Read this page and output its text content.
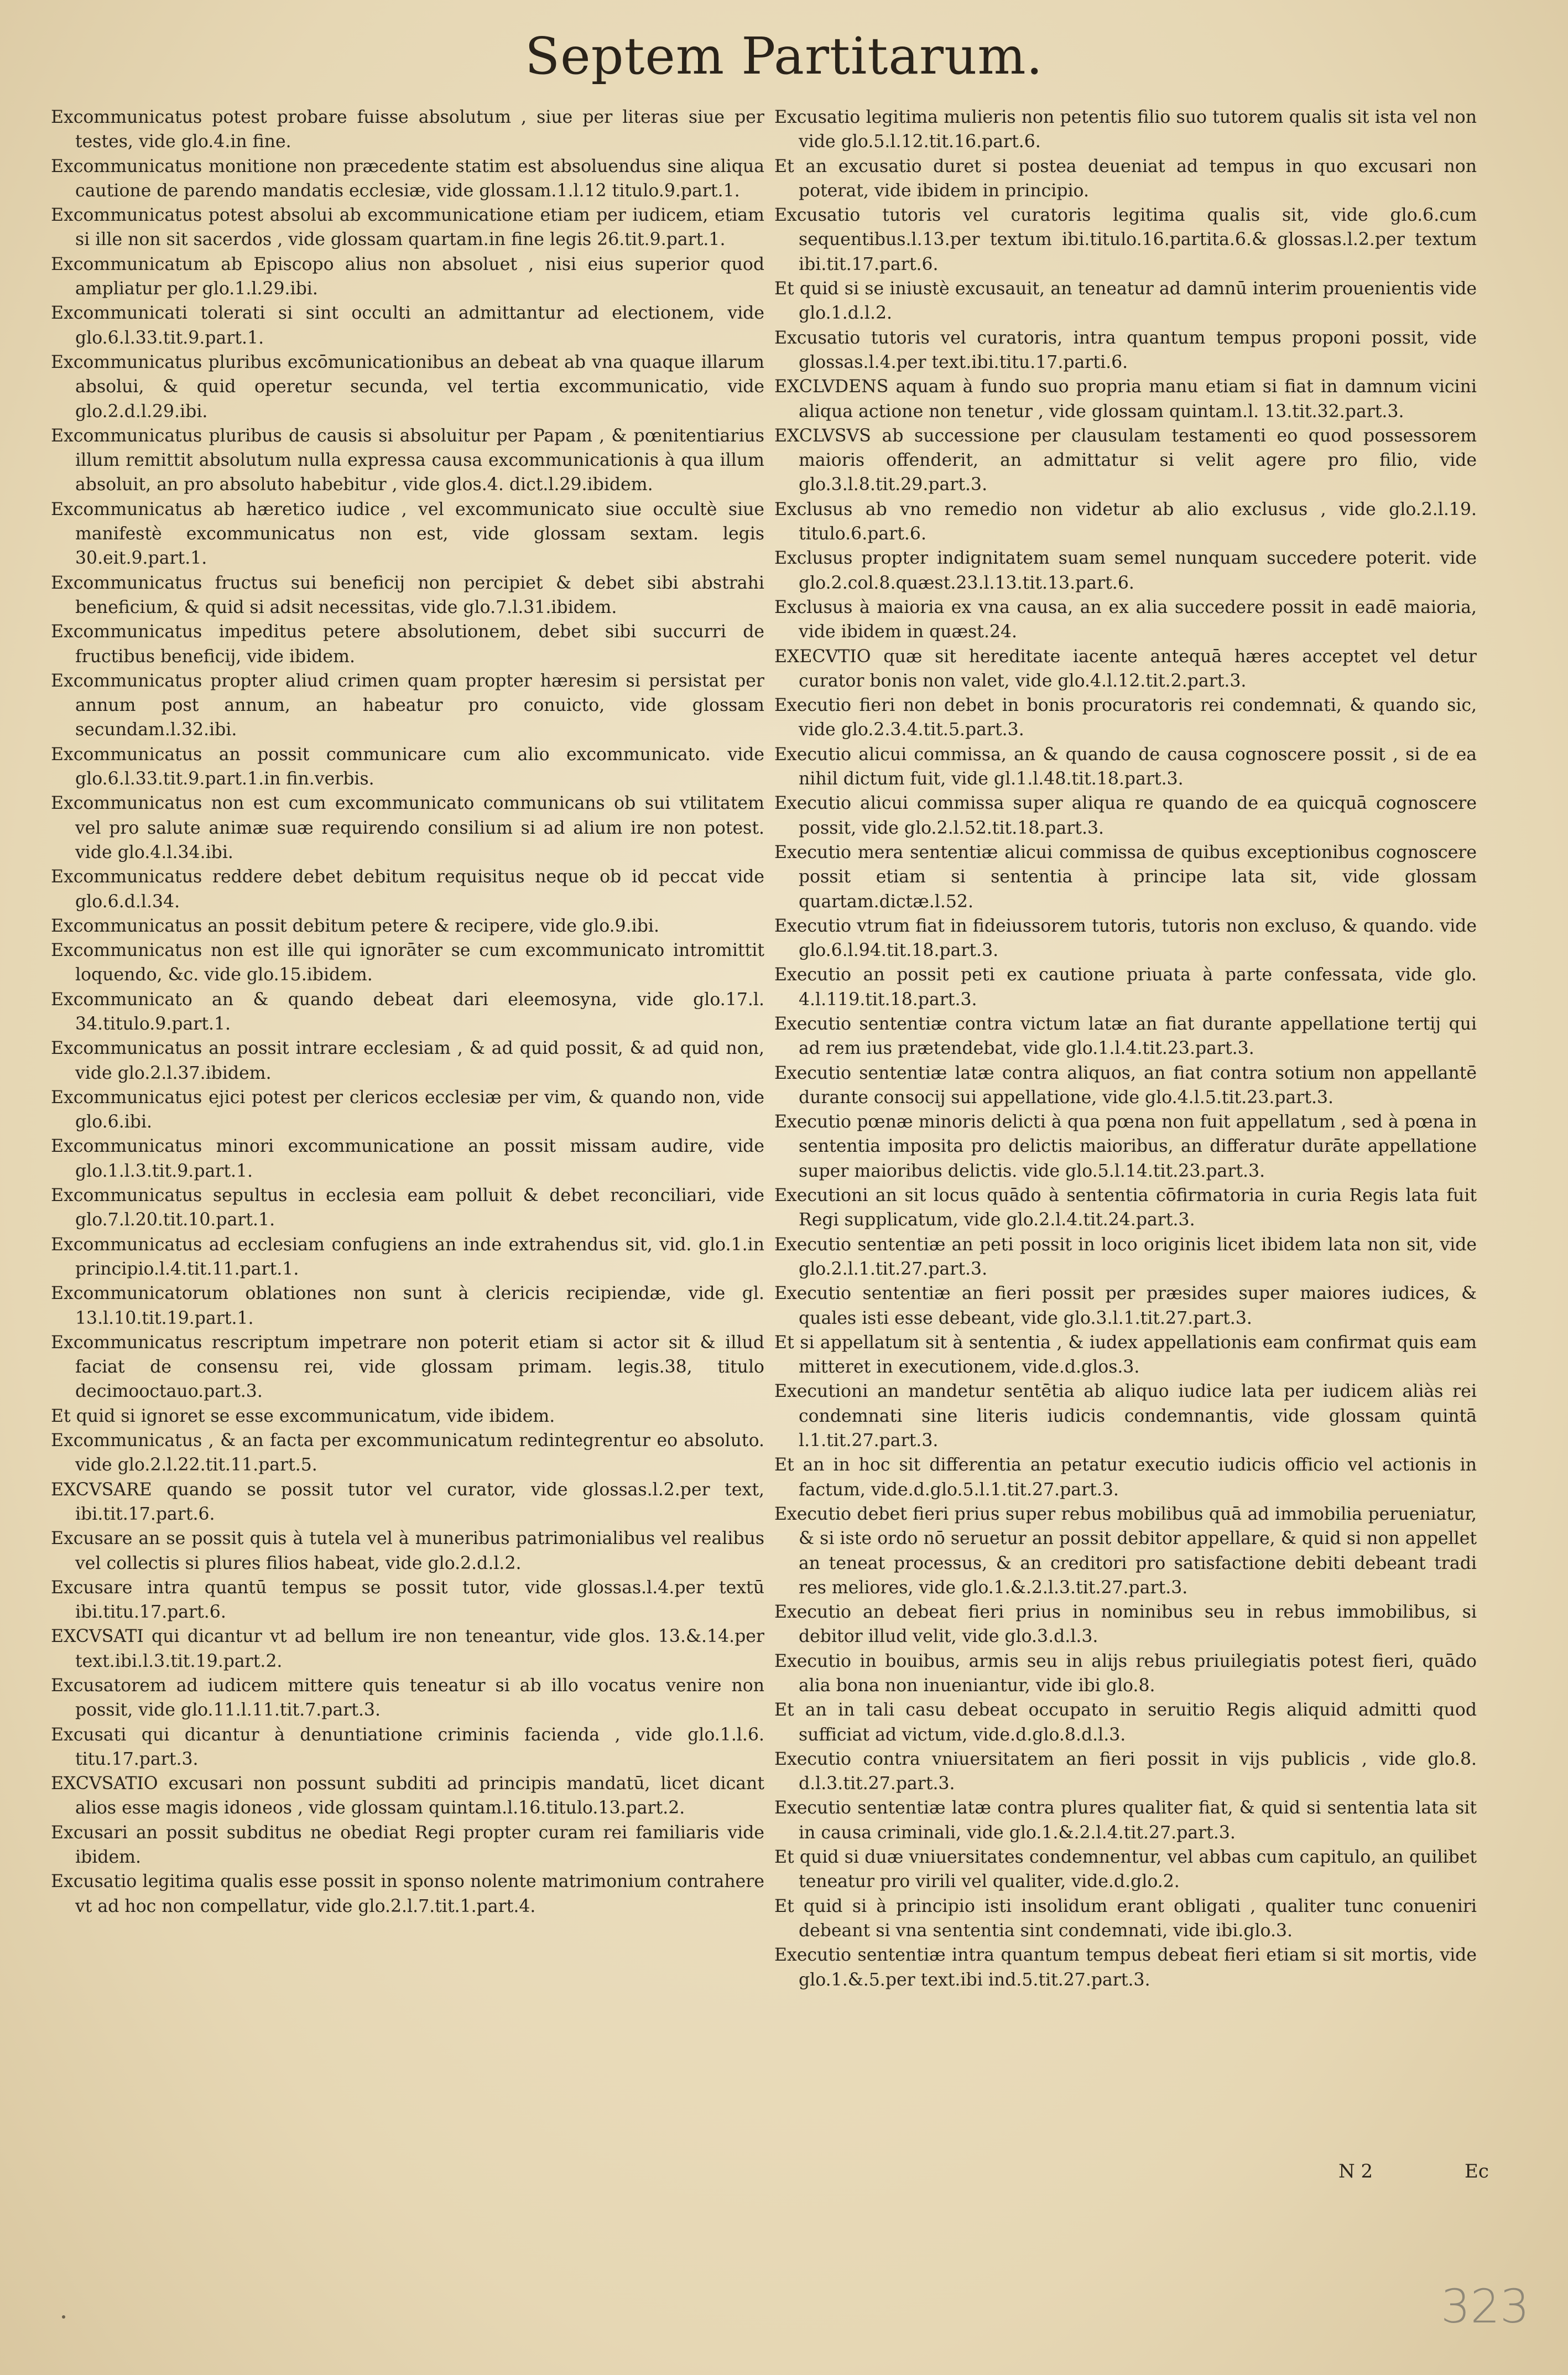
Septem Partitarum.

Excommunicatus potest probare fuisse absolutum , siue per literas siue per testes, vide glo.4.in fine.

Excommunicatus monitione non præcedente statim est absoluendus sine aliqua cautione de parendo mandatis ecclesiæ, vide glossam.1.l.12 titulo.9.part.1.

Excommunicatus potest absolui ab excommunicatione etiam per iudicem, etiam si ille non sit sacerdos , vide glossam quartam.in fine legis 26.tit.9.part.1.

Excommunicatum ab Episcopo alius non absoluet , nisi eius superior quod ampliatur per glo.1.l.29.ibi.

Excommunicati tolerati si sint occulti an admittantur ad electionem, vide glo.6.l.33.tit.9.part.1.

Excommunicatus pluribus excōmunicationibus an debeat ab vna quaque illarum absolui, & quid operetur secunda, vel tertia excommunicatio, vide glo.2.d.l.29.ibi.

Excommunicatus pluribus de causis si absoluitur per Papam , & pœnitentiarius illum remittit absolutum nulla expressa causa excommunicationis à qua illum absoluit, an pro absoluto habebitur , vide glos.4. dict.l.29.ibidem.

Excommunicatus ab hæretico iudice , vel excommunicato siue occultè siue manifestè excommunicatus non est, vide glossam sextam. legis 30.eit.9.part.1.

Excommunicatus fructus sui beneficij non percipiet & debet sibi abstrahi beneficium, & quid si adsit necessitas, vide glo.7.l.31.ibidem.

Excommunicatus impeditus petere absolutionem, debet sibi succurri de fructibus beneficij, vide ibidem.

Excommunicatus propter aliud crimen quam propter hæresim si persistat per annum post annum, an habeatur pro conuicto, vide glossam secundam.l.32.ibi.

Excommunicatus an possit communicare cum alio excommunicato. vide glo.6.l.33.tit.9.part.1.in fin.verbis.

Excommunicatus non est cum excommunicato communicans ob sui vtilitatem vel pro salute animæ suæ requirendo consilium si ad alium ire non potest. vide glo.4.l.34.ibi.

Excommunicatus reddere debet debitum requisitus neque ob id peccat vide glo.6.d.l.34.

Excommunicatus an possit debitum petere & recipere, vide glo.9.ibi.

Excommunicatus non est ille qui ignorāter se cum excommunicato intromittit loquendo, &c. vide glo.15.ibidem.

Excommunicato an & quando debeat dari eleemosyna, vide glo.17.l. 34.titulo.9.part.1.

Excommunicatus an possit intrare ecclesiam , & ad quid possit, & ad quid non, vide glo.2.l.37.ibidem.

Excommunicatus ejici potest per clericos ecclesiæ per vim, & quando non, vide glo.6.ibi.

Excommunicatus minori excommunicatione an possit missam audire, vide glo.1.l.3.tit.9.part.1.

Excommunicatus sepultus in ecclesia eam polluit & debet reconciliari, vide glo.7.l.20.tit.10.part.1.

Excommunicatus ad ecclesiam confugiens an inde extrahendus sit, vid. glo.1.in principio.l.4.tit.11.part.1.

Excommunicatorum oblationes non sunt à clericis recipiendæ, vide gl. 13.l.10.tit.19.part.1.

Excommunicatus rescriptum impetrare non poterit etiam si actor sit & illud faciat de consensu rei, vide glossam primam. legis.38, titulo decimooctauo.part.3.

Et quid si ignoret se esse excommunicatum, vide ibidem.

Excommunicatus , & an facta per excommunicatum redintegrentur eo absoluto. vide glo.2.l.22.tit.11.part.5.

EXCVSARE quando se possit tutor vel curator, vide glossas.l.2.per text, ibi.tit.17.part.6.

Excusare an se possit quis à tutela vel à muneribus patrimonialibus vel realibus vel collectis si plures filios habeat, vide glo.2.d.l.2.

Excusare intra quantū tempus se possit tutor, vide glossas.l.4.per textū ibi.titu.17.part.6.

EXCVSATI qui dicantur vt ad bellum ire non teneantur, vide glos. 13.&.14.per text.ibi.l.3.tit.19.part.2.

Excusatorem ad iudicem mittere quis teneatur si ab illo vocatus venire non possit, vide glo.11.l.11.tit.7.part.3.

Excusati qui dicantur à denuntiatione criminis facienda , vide glo.1.l.6. titu.17.part.3.

EXCVSATIO excusari non possunt subditi ad principis mandatū, licet dicant alios esse magis idoneos , vide glossam quintam.l.16.titulo.13.part.2.

Excusari an possit subditus ne obediat Regi propter curam rei familiaris vide ibidem.

Excusatio legitima qualis esse possit in sponso nolente matrimonium contrahere vt ad hoc non compellatur, vide glo.2.l.7.tit.1.part.4.

Excusatio legitima mulieris non petentis filio suo tutorem qualis sit ista vel non vide glo.5.l.12.tit.16.part.6.

Et an excusatio duret si postea deueniat ad tempus in quo excusari non poterat, vide ibidem in principio.

Excusatio tutoris vel curatoris legitima qualis sit, vide glo.6.cum sequentibus.l.13.per textum ibi.titulo.16.partita.6.& glossas.l.2.per textum ibi.tit.17.part.6.

Et quid si se iniustè excusauit, an teneatur ad damnū interim prouenientis vide glo.1.d.l.2.

Excusatio tutoris vel curatoris, intra quantum tempus proponi possit, vide glossas.l.4.per text.ibi.titu.17.parti.6.

EXCLVDENS aquam à fundo suo propria manu etiam si fiat in damnum vicini aliqua actione non tenetur , vide glossam quintam.l. 13.tit.32.part.3.

EXCLVSVS ab successione per clausulam testamenti eo quod possessorem maioris offenderit, an admittatur si velit agere pro filio, vide glo.3.l.8.tit.29.part.3.

Exclusus ab vno remedio non videtur ab alio exclusus , vide glo.2.l.19. titulo.6.part.6.

Exclusus propter indignitatem suam semel nunquam succedere poterit. vide glo.2.col.8.quæst.23.l.13.tit.13.part.6.

Exclusus à maioria ex vna causa, an ex alia succedere possit in eadē maioria, vide ibidem in quæst.24.

EXECVTIO quæ sit hereditate iacente antequā hæres acceptet vel detur curator bonis non valet, vide glo.4.l.12.tit.2.part.3.

Executio fieri non debet in bonis procuratoris rei condemnati, & quando sic, vide glo.2.3.4.tit.5.part.3.

Executio alicui commissa, an & quando de causa cognoscere possit , si de ea nihil dictum fuit, vide gl.1.l.48.tit.18.part.3.

Executio alicui commissa super aliqua re quando de ea quicquā cognoscere possit, vide glo.2.l.52.tit.18.part.3.

Executio mera sententiæ alicui commissa de quibus exceptionibus cognoscere possit etiam si sententia à principe lata sit, vide glossam quartam.dictæ.l.52.

Executio vtrum fiat in fideiussorem tutoris, tutoris non excluso, & quando. vide glo.6.l.94.tit.18.part.3.

Executio an possit peti ex cautione priuata à parte confessata, vide glo. 4.l.119.tit.18.part.3.

Executio sententiæ contra victum latæ an fiat durante appellatione tertij qui ad rem ius prætendebat, vide glo.1.l.4.tit.23.part.3.

Executio sententiæ latæ contra aliquos, an fiat contra sotium non appellantē durante consocij sui appellatione, vide glo.4.l.5.tit.23.part.3.

Executio pœnæ minoris delicti à qua pœna non fuit appellatum , sed à pœna in sententia imposita pro delictis maioribus, an differatur durāte appellatione super maioribus delictis. vide glo.5.l.14.tit.23.part.3.

Executioni an sit locus quādo à sententia cōfirmatoria in curia Regis lata fuit Regi supplicatum, vide glo.2.l.4.tit.24.part.3.

Executio sententiæ an peti possit in loco originis licet ibidem lata non sit, vide glo.2.l.1.tit.27.part.3.

Executio sententiæ an fieri possit per præsides super maiores iudices, & quales isti esse debeant, vide glo.3.l.1.tit.27.part.3.

Et si appellatum sit à sententia , & iudex appellationis eam confirmat quis eam mitteret in executionem, vide.d.glos.3.

Executioni an mandetur sentētia ab aliquo iudice lata per iudicem aliàs rei condemnati sine literis iudicis condemnantis, vide glossam quintā l.1.tit.27.part.3.

Et an in hoc sit differentia an petatur executio iudicis officio vel actionis in factum, vide.d.glo.5.l.1.tit.27.part.3.

Executio debet fieri prius super rebus mobilibus quā ad immobilia perueniatur, & si iste ordo nō seruetur an possit debitor appellare, & quid si non appellet an teneat processus, & an creditori pro satisfactione debiti debeant tradi res meliores, vide glo.1.&.2.l.3.tit.27.part.3.

Executio an debeat fieri prius in nominibus seu in rebus immobilibus, si debitor illud velit, vide glo.3.d.l.3.

Executio in bouibus, armis seu in alijs rebus priuilegiatis potest fieri, quādo alia bona non inueniantur, vide ibi glo.8.

Et an in tali casu debeat occupato in seruitio Regis aliquid admitti quod sufficiat ad victum, vide.d.glo.8.d.l.3.

Executio contra vniuersitatem an fieri possit in vijs publicis , vide glo.8. d.l.3.tit.27.part.3.

Executio sententiæ latæ contra plures qualiter fiat, & quid si sententia lata sit in causa criminali, vide glo.1.&.2.l.4.tit.27.part.3.

Et quid si duæ vniuersitates condemnentur, vel abbas cum capitulo, an quilibet teneatur pro virili vel qualiter, vide.d.glo.2.

Et quid si à principio isti insolidum erant obligati , qualiter tunc conueniri debeant si vna sententia sint condemnati, vide ibi.glo.3.

Executio sententiæ intra quantum tempus debeat fieri etiam si sit mortis, vide glo.1.&.5.per text.ibi ind.5.tit.27.part.3.

N 2	Ec
323
